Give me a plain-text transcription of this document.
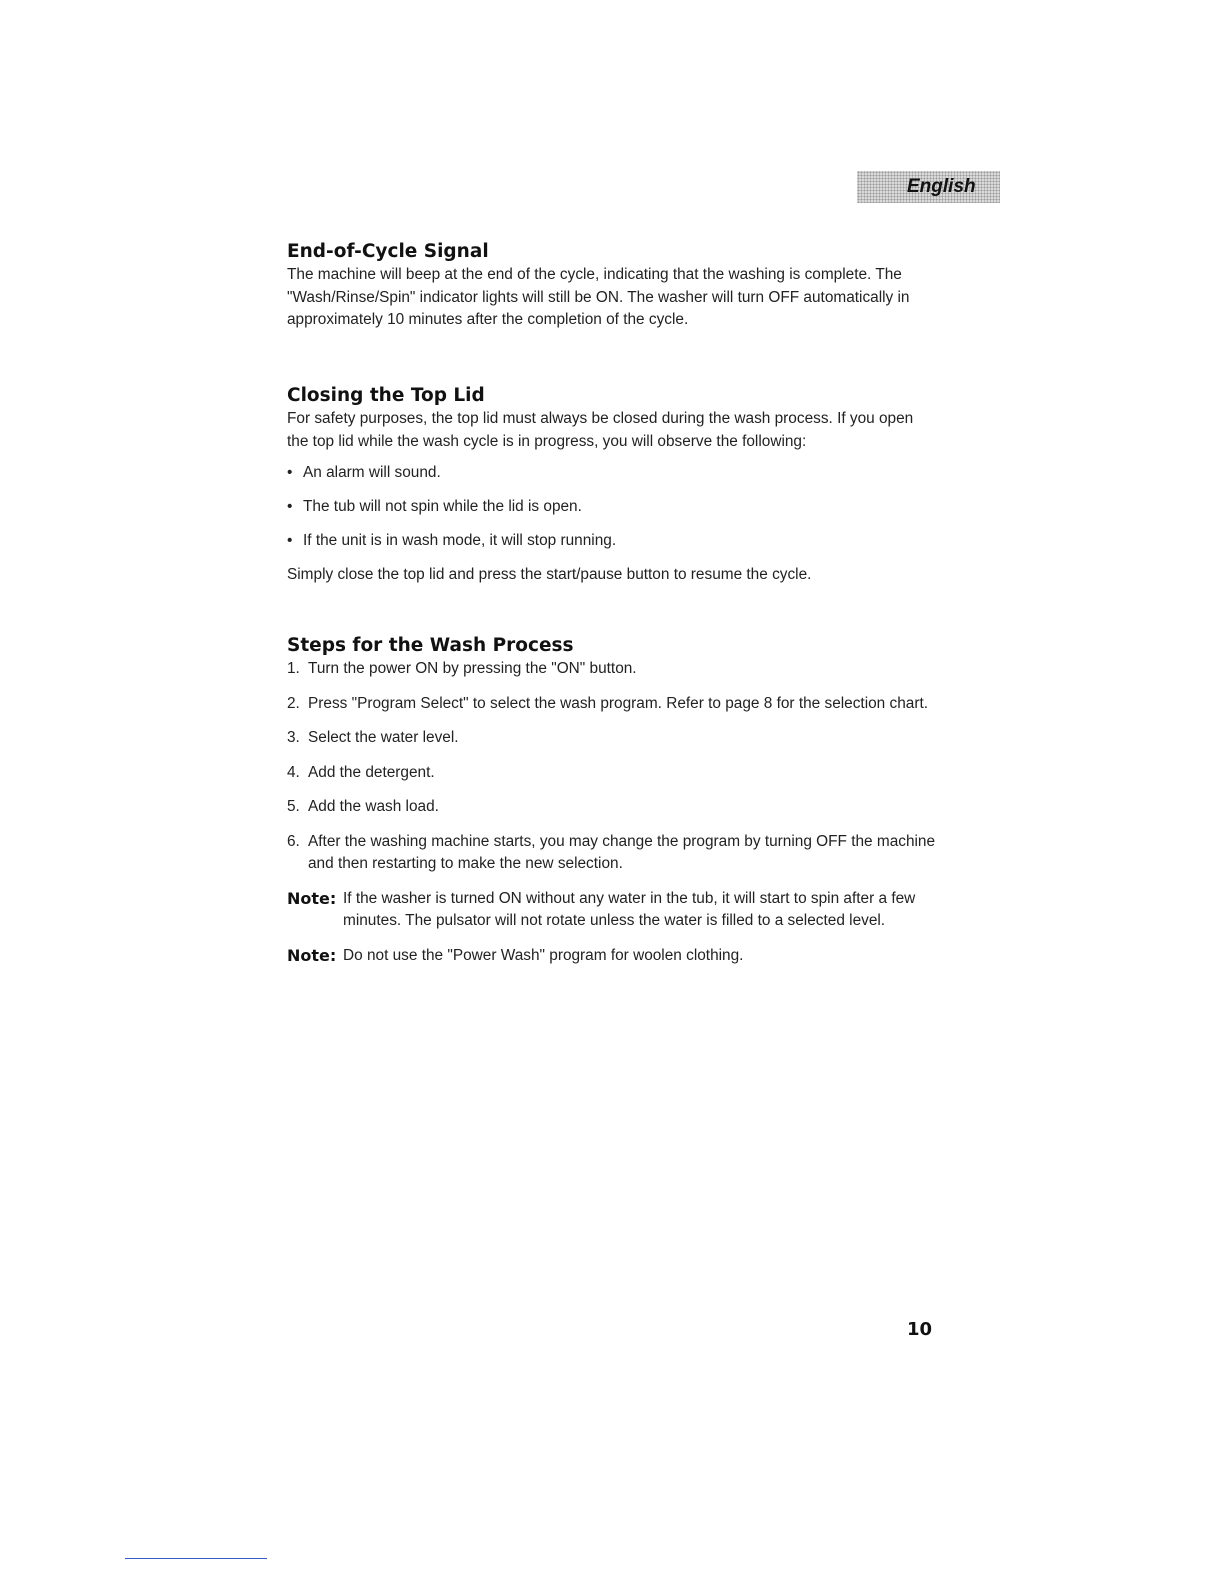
English
End-of-Cycle Signal

The machine will beep at the end of the cycle, indicating that the washing is complete. The "Wash/Rinse/Spin" indicator lights will still be ON. The washer will turn OFF automatically in approximately 10 minutes after the completion of the cycle.

Closing the Top Lid

For safety purposes, the top lid must always be closed during the wash process. If you open the top lid while the wash cycle is in progress, you will observe the following:

• An alarm will sound.
• The tub will not spin while the lid is open.
• If the unit is in wash mode, it will stop running.

Simply close the top lid and press the start/pause button to resume the cycle.

Steps for the Wash Process
1. Turn the power ON by pressing the "ON" button.
2. Press "Program Select" to select the wash program. Refer to page 8 for the selection chart.
3. Select the water level.
4. Add the detergent.
5. Add the wash load.
6. After the washing machine starts, you may change the program by turning OFF the machine and then restarting to make the new selection.
Note: If the washer is turned ON without any water in the tub, it will start to spin after a few minutes. The pulsator will not rotate unless the water is filled to a selected level.
Note: Do not use the "Power Wash" program for woolen clothing.
10
